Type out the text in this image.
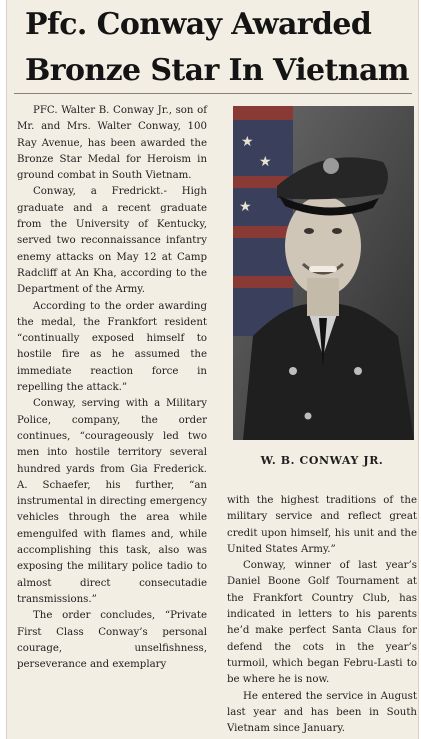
Pfc. Conway Awarded
Bronze Star In Vietnam

PFC. Walter B. Conway Jr., son of Mr. and Mrs. Walter Conway, 100 Ray Avenue, has been awarded the Bronze Star Medal for Heroism in ground combat in South Vietnam.

Conway, a Fredrickt.- High graduate and a recent graduate from the University of Kentucky, served two reconnaissance infantry enemy attacks on May 12 at Camp Radcliff at An Kha, according to the Department of the Army.

According to the order awarding the medal, the Frankfort resident “continually exposed himself to hostile fire as he assumed the immediate reaction force in repelling the attack.”

Conway, serving with a Military Police, company, the order continues, “courageously led two men into hostile territory several hundred yards from Gia Frederick. A. Schaefer, his further, “an instrumental in directing emergency vehicles through the area while emengulfed with flames and, while accomplishing this task, also was exposing the military police tadio to almost direct consecutadie transmissions.”

The order concludes, “Private First Class Conway’s personal courage, unselfishness, perseverance and exemplary

★
★
★

W. B. CONWAY JR.

with the highest traditions of the military service and reflect great credit upon himself, his unit and the United States Army.”

Conway, winner of last year’s Daniel Boone Golf Tournament at the Frankfort Country Club, has indicated in letters to his parents he’d make perfect Santa Claus for defend the cots in the year’s turmoil, which began Febru-Lasti to be where he is now.

He entered the service in August last year and has been in South Vietnam since January.
